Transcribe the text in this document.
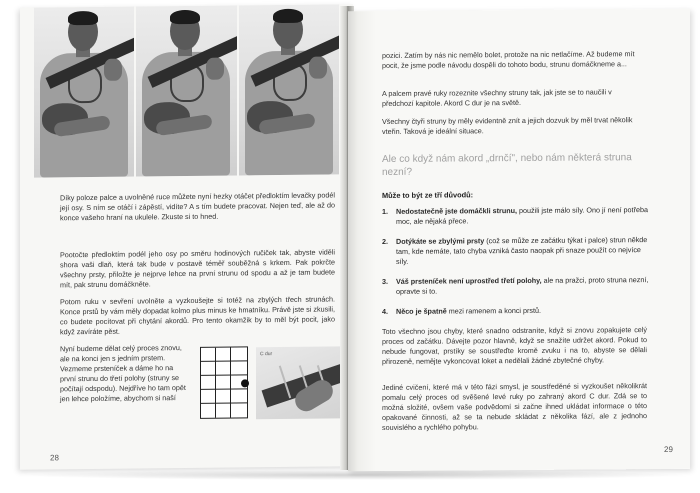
Díky poloze palce a uvolněné ruce můžete nyní hezky otáčet předloktím levačky podél její osy. S ním se otáčí i zápěstí, vidíte? A s tím budete pracovat. Nejen teď, ale až do konce vašeho hraní na ukulele. Zkuste si to hned.

Pootočte předloktím podél jeho osy po směru hodinových ručiček tak, abyste viděli shora vaši dlaň, která tak bude v postavě téměř souběžná s krkem. Pak pokrčte všechny prsty, přiložte je nejprve lehce na první strunu od spodu a až je tam budete mít, pak strunu domáčkněte.

Potom ruku v sevření uvolněte a vyzkoušejte si totéž na zbylých třech strunách. Konce prstů by vám měly dopadat kolmo plus minus ke hmatníku. Právě jste si zkusili, co budete pocítovat při chytání akordů. Pro tento okamžik by to měl být pocit, jako když zavíráte pěst.

Nyní budeme dělat celý proces znovu, ale na konci jen s jedním prstem. Vezmeme prsteníček a dáme ho na první strunu do třetí polohy (struny se počítají odspodu). Nejdříve ho tam opět jen lehce položíme, abychom si naší

C dur
28

pozici. Zatím by nás nic nemělo bolet, protože na nic netlačíme. Až budeme mít pocit, že jsme podle návodu dospěli do tohoto bodu, strunu domáčkneme a...

A palcem pravé ruky rozeznite všechny struny tak, jak jste se to naučili v předchozí kapitole. Akord C dur je na světě.

Všechny čtyři struny by měly evidentně znít a jejich dozvuk by měl trvat několik vteřin. Taková je ideální situace.

Ale co když nám akord „drnčí", nebo nám některá struna nezní?
Může to být ze tří důvodů:
1. Nedostatečně jste domáčkli strunu, použili jste málo síly. Ono jí není potřeba moc, ale nějaká přece.
2. Dotýkáte se zbylými prsty (což se může ze začátku týkat i palce) strun někde tam, kde nemáte, tato chyba vzniká často naopak při snaze použít co nejvíce síly.
3. Váš prsteníček není uprostřed třetí polohy, ale na pražci, proto struna nezní, opravte si to.
4. Něco je špatně mezi ramenem a konci prstů.

Toto všechno jsou chyby, které snadno odstraníte, když si znovu zopakujete celý proces od začátku. Dávejte pozor hlavně, když se snažíte udržet akord. Pokud to nebude fungovat, prstíky se soustřeďte kromě zvuku i na to, abyste se dělali přirozeně, nemějte vykoncovat loket a nedělali žádné zbytečné chyby.

Jediné cvičení, které má v této fázi smysl, je soustředěné si vyzkoušet několikrát pomalu celý proces od svěšené levé ruky po zahraný akord C dur. Zdá se to možná složité, ovšem vaše podvědomí si začne ihned ukládat informace o této opakované činnosti, až se ta nebude skládat z několika fází, ale z jednoho souvislého a rychlého pohybu.

29
